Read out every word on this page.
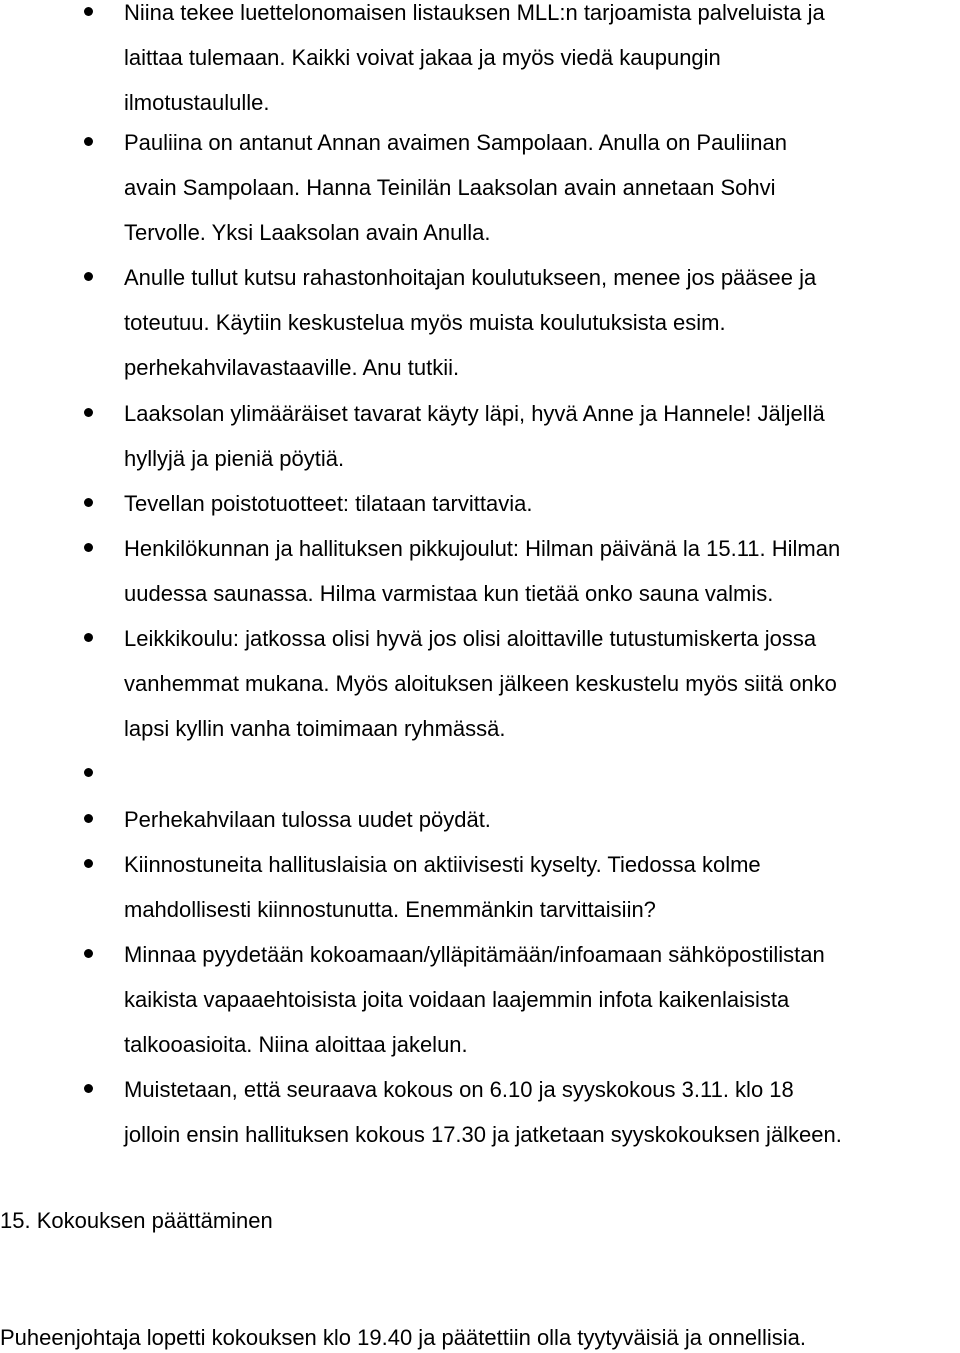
Niina tekee luettelonomaisen listauksen MLL:n tarjoamista palveluista ja
laittaa tulemaan. Kaikki voivat jakaa ja myös viedä kaupungin
ilmotustaululle.
Pauliina on antanut Annan avaimen Sampolaan. Anulla on Pauliinan
avain Sampolaan. Hanna Teinilän Laaksolan avain annetaan Sohvi
Tervolle. Yksi Laaksolan avain Anulla.
Anulle tullut kutsu rahastonhoitajan koulutukseen, menee jos pääsee ja
toteutuu. Käytiin keskustelua myös muista koulutuksista esim.
perhekahvilavastaaville. Anu tutkii.
Laaksolan ylimääräiset tavarat käyty läpi, hyvä Anne ja Hannele! Jäljellä
hyllyjä ja pieniä pöytiä.
Tevellan poistotuotteet: tilataan tarvittavia.
Henkilökunnan ja hallituksen pikkujoulut: Hilman päivänä la 15.11. Hilman
uudessa saunassa. Hilma varmistaa kun tietää onko sauna valmis.
Leikkikoulu: jatkossa olisi hyvä jos olisi aloittaville tutustumiskerta jossa
vanhemmat mukana. Myös aloituksen jälkeen keskustelu myös siitä onko
lapsi kyllin vanha toimimaan ryhmässä.
Perhekahvilaan tulossa uudet pöydät.
Kiinnostuneita hallituslaisia on aktiivisesti kyselty. Tiedossa kolme
mahdollisesti kiinnostunutta. Enemmänkin tarvittaisiin?
Minnaa pyydetään kokoamaan/ylläpitämään/infoamaan sähköpostilistan
kaikista vapaaehtoisista joita voidaan laajemmin infota kaikenlaisista
talkooasioita. Niina aloittaa jakelun.
Muistetaan, että seuraava kokous on 6.10 ja syyskokous 3.11. klo 18
jolloin ensin hallituksen kokous 17.30 ja jatketaan syyskokouksen jälkeen.
15. Kokouksen päättäminen
Puheenjohtaja lopetti kokouksen klo 19.40 ja päätettiin olla tyytyväisiä ja onnellisia.
